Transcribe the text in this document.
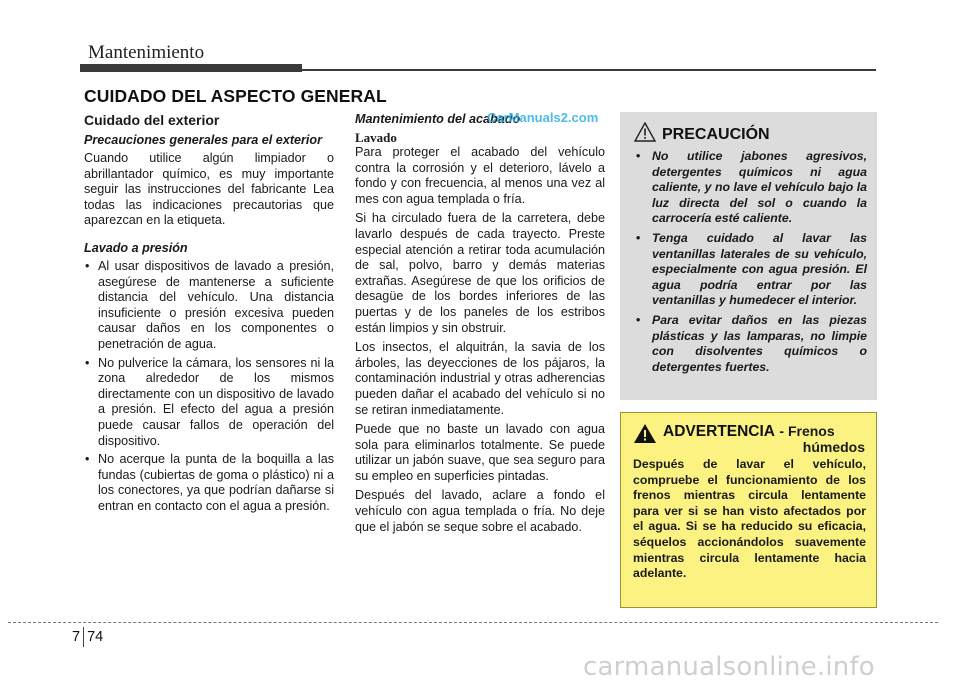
Mantenimiento
CUIDADO DEL ASPECTO GENERAL
Cuidado del exterior
Precauciones generales para el exterior
Cuando utilice algún limpiador o abrillantador químico, es muy importante seguir las instrucciones del fabricante Lea todas las indicaciones precautorias que aparezcan en la etiqueta.
Lavado a presión
• Al usar dispositivos de lavado a presión, asegúrese de mantenerse a suficiente distancia del vehículo. Una distancia insuficiente o presión excesiva pueden causar daños en los componentes o penetración de agua.
• No pulverice la cámara, los sensores ni la zona alrededor de los mismos directamente con un dispositivo de lavado a presión. El efecto del agua a presión puede causar fallos de operación del dispositivo.
• No acerque la punta de la boquilla a las fundas (cubiertas de goma o plástico) ni a los conectores, ya que podrían dañarse si entran en contacto con el agua a presión.
Mantenimiento del acabado
Lavado
Para proteger el acabado del vehículo contra la corrosión y el deterioro, lávelo a fondo y con frecuencia, al menos una vez al mes con agua templada o fría.
Si ha circulado fuera de la carretera, debe lavarlo después de cada trayecto. Preste especial atención a retirar toda acumulación de sal, polvo, barro y demás materias extrañas. Asegúrese de que los orificios de desagüe de los bordes inferiores de las puertas y de los paneles de los estribos están limpios y sin obstruir.
Los insectos, el alquitrán, la savia de los árboles, las deyecciones de los pájaros, la contaminación industrial y otras adherencias pueden dañar el acabado del vehículo si no se retiran inmediatamente.
Puede que no baste un lavado con agua sola para eliminarlos totalmente. Se puede utilizar un jabón suave, que sea seguro para su empleo en superficies pintadas.
Después del lavado, aclare a fondo el vehículo con agua templada o fría. No deje que el jabón se seque sobre el acabado.
CarManuals2.com
PRECAUCIÓN
• No utilice jabones agresivos, detergentes químicos ni agua caliente, y no lave el vehículo bajo la luz directa del sol o cuando la carrocería esté caliente.
• Tenga cuidado al lavar las ventanillas laterales de su vehículo, especialmente con agua presión. El agua podría entrar por las ventanillas y humedecer el interior.
• Para evitar daños en las piezas plásticas y las lamparas, no limpie con disolventes químicos o detergentes fuertes.
ADVERTENCIA - Frenos
húmedos
Después de lavar el vehículo, compruebe el funcionamiento de los frenos mientras circula lentamente para ver si se han visto afectados por el agua. Si se ha reducido su eficacia, séquelos accionándolos suavemente mientras circula lentamente hacia adelante.
7 74
carmanualsonline.info
